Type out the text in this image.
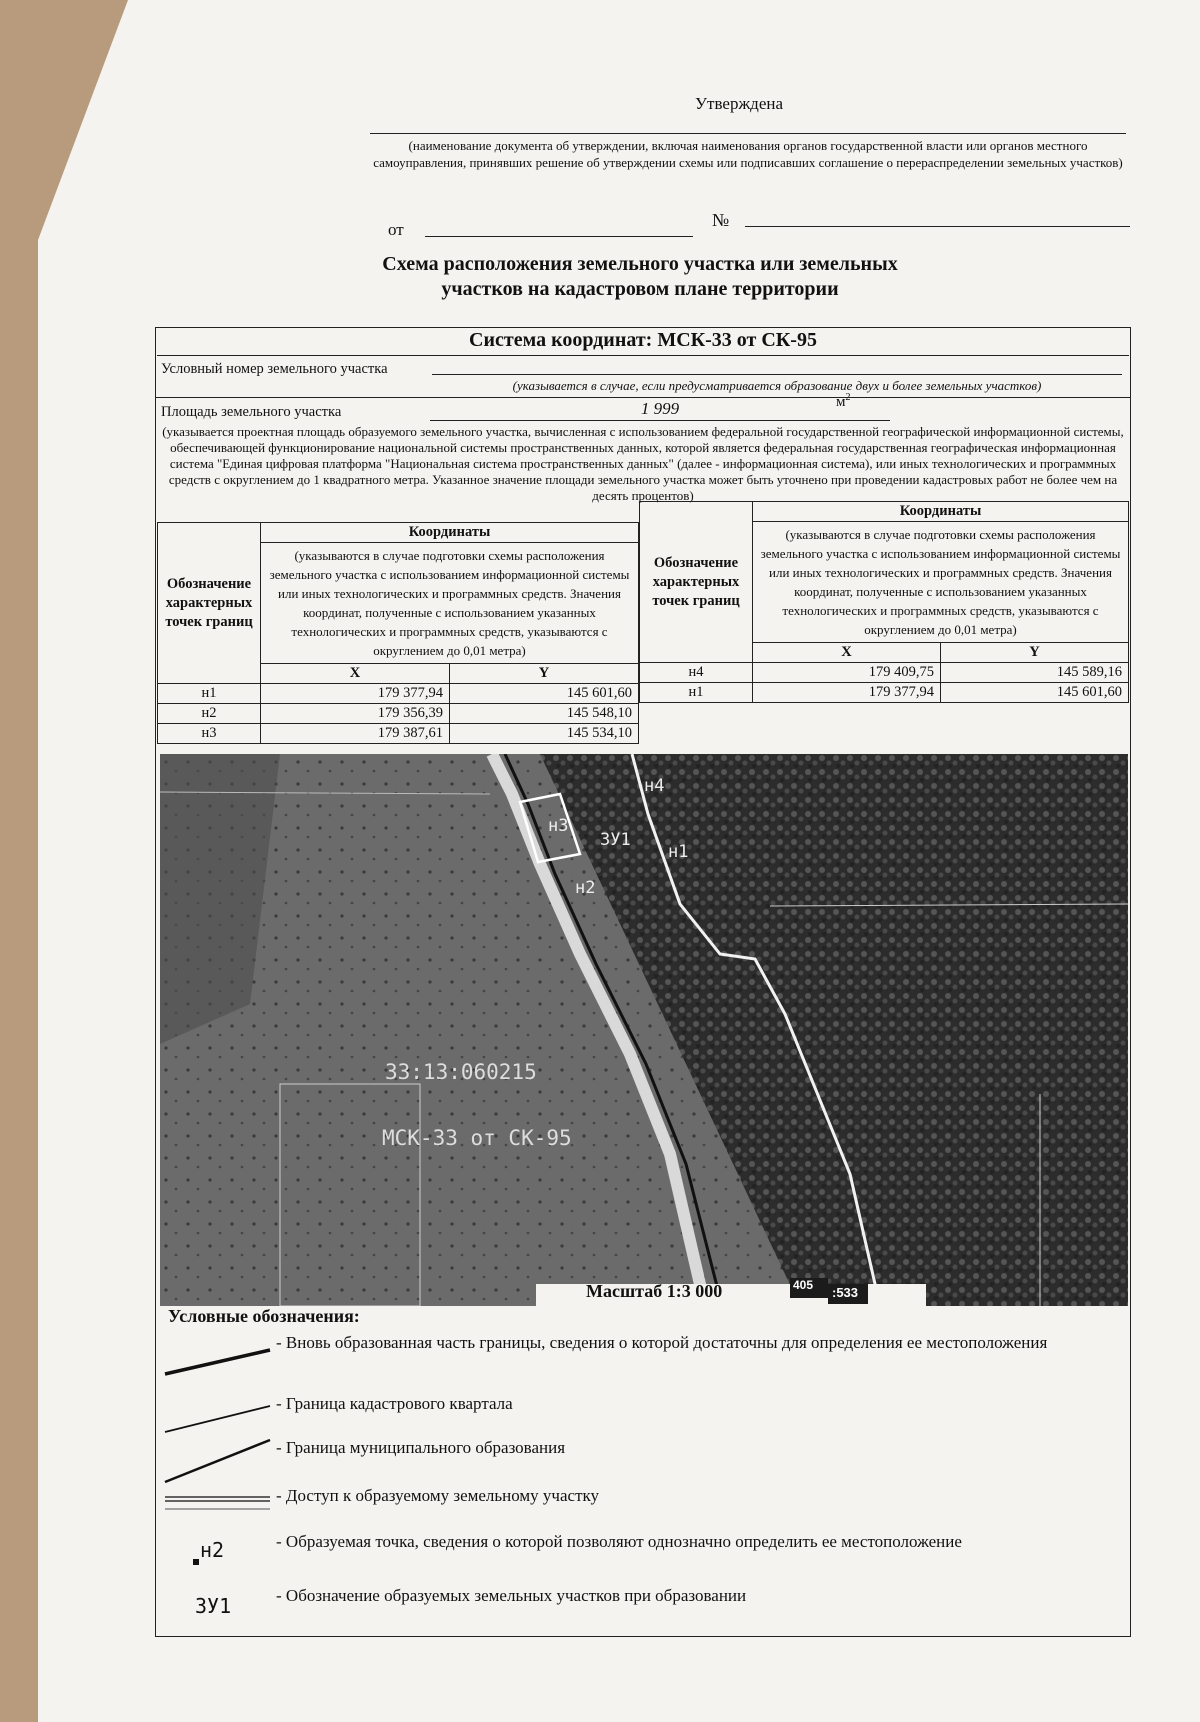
Утверждена
(наименование документа об утверждении, включая наименования органов государственной власти или органов местного самоуправления, принявших решение об утверждении схемы или подписавших соглашение о перераспределении земельных участков)
от	№
Схема расположения земельного участка или земельных
участков на кадастровом плане территории
Система координат: МСК-33 от СК-95
Условный номер земельного участка
(указывается в случае, если предусматривается образование двух и более земельных участков)
Площадь земельного участка	1 999	$м^2$
(указывается проектная площадь образуемого земельного участка, вычисленная с использованием федеральной государственной географической информационной системы, обеспечивающей функционирование национальной системы пространственных данных, которой является федеральная государственная географическая информационная система "Единая цифровая платформа "Национальная система пространственных данных" (далее - информационная система), или иных технологических и программных средств с округлением до 1 квадратного метра. Указанное значение площади земельного участка может быть уточнено при проведении кадастровых работ не более чем на десять процентов)
Обозначение характерных точек границ	Координаты	
	(указываются в случае подготовки схемы расположения земельного участка с использованием информационной системы или иных технологических и программных средств. Значения координат, полученные с использованием указанных технологических и программных средств, указываются с округлением до 0,01 метра)	
	X	Y
н1	179 377,94	145 601,60
н2	179 356,39	145 548,10
н3	179 387,61	145 534,10
Обозначение характерных точек границ	Координаты	
	(указываются в случае подготовки схемы расположения земельного участка с использованием информационной системы или иных технологических и программных средств. Значения координат, полученные с использованием указанных технологических и программных средств, указываются с округлением до 0,01 метра)	
	X	Y
н4	179 409,75	145 589,16
н1	179 377,94	145 601,60
н4
н3
ЗУ1
н1
н2
33:13:060215
МСК-33 от СК-95
Масштаб 1:3 000	405 :533
Условные обозначения:
н2
ЗУ1
- Вновь образованная часть границы, сведения о которой достаточны для определения ее местоположения
- Граница кадастрового квартала
- Граница муниципального образования
- Доступ к образуемому земельному участку
- Образуемая точка, сведения о которой позволяют однозначно определить ее местоположение
- Обозначение образуемых земельных участков при образовании
